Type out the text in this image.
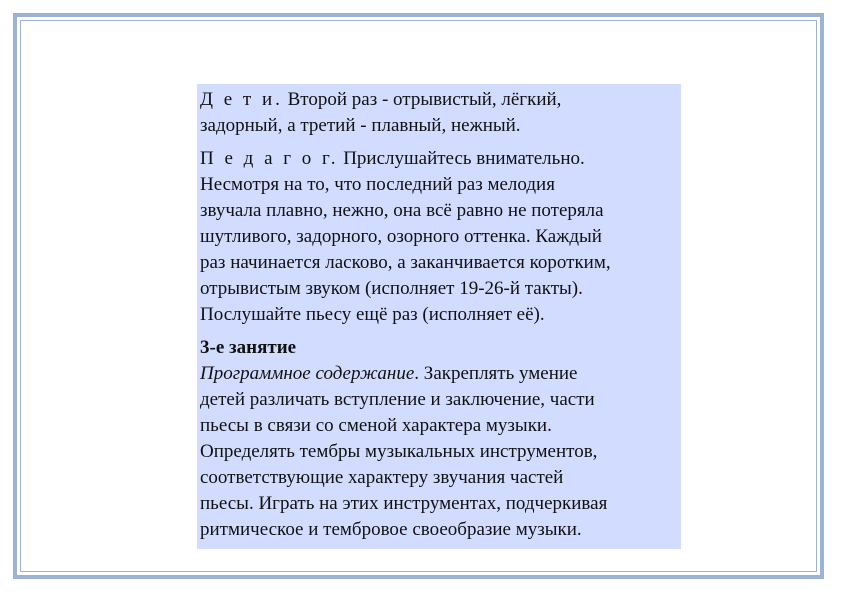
Д е т и. Второй раз - отрывистый, лёгкий,
задорный, а третий - плавный, нежный.

П е д а г о г. Прислушайтесь внимательно.
Несмотря на то, что последний раз мелодия
звучала плавно, нежно, она всё равно не потеряла
шутливого, задорного, озорного оттенка. Каждый
раз начинается ласково, а заканчивается коротким,
отрывистым звуком (исполняет 19-26-й такты).
Послушайте пьесу ещё раз (исполняет её).

3-е занятие

Программное содержание. Закреплять умение
детей различать вступление и заключение, части
пьесы в связи со сменой характера музыки.
Определять тембры музыкальных инструментов,
соответствующие характеру звучания частей
пьесы. Играть на этих инструментах, подчеркивая
ритмическое и тембровое своеобразие музыки.
